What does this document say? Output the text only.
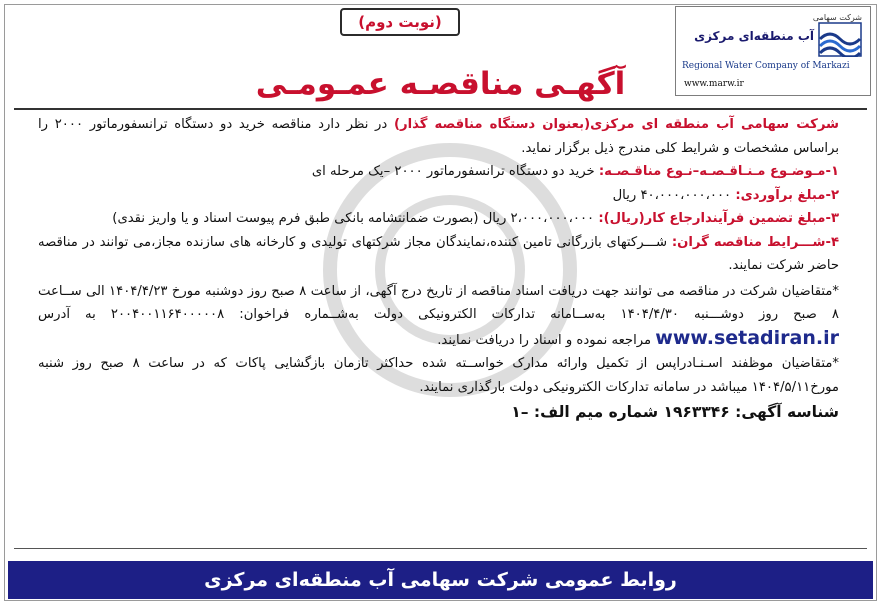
شرکت سهامی
آب منطقه‌ای مرکزی
Regional Water Company of Markazi
www.marw.ir
(نوبت دوم)
آگهـی مناقصـه عمـومـی

شرکت سهامی آب منطقه ای مرکزی(بعنوان دستگاه مناقصه گذار) در نظر دارد مناقصه خرید دو دستگاه ترانسفورماتور ۲۰۰۰ را براساس مشخصات و شرایط کلی مندرج ذیل برگزار نماید.

۱-مـوضـوع مـنـاقـصـه–نـوع مناقـصـه: خرید دو دستگاه ترانسفورماتور ۲۰۰۰ –یک مرحله ای

۲-مبلغ برآوردی: ۴۰،۰۰۰،۰۰۰،۰۰۰ ریال

۳-مبلغ تضمین فرآیندارجاع کار(ریال): ۲،۰۰۰،۰۰۰،۰۰۰ ریال (بصورت ضمانتشامه بانکی طبق فرم پیوست اسناد و یا واریز نقدی)

۴-شـــرایط مناقصه گران: شـــرکتهای بازرگانی تامین کننده،نمایندگان مجاز شرکتهای تولیدی و کارخانه های سازنده مجاز،می توانند در مناقصه حاضر شرکت نمایند.

*متقاضیان شرکت در مناقصه می توانند جهت دریافت اسناد مناقصه از تاریخ درج آگهی، از ساعت ۸ صبح روز دوشنبه مورخ ۱۴۰۴/۴/۲۳ الی ســاعت ۸ صبح روز دوشـــنبه ۱۴۰۴/۴/۳۰ به‌ســامانه تدارکات الکترونیکی دولت به‌شــماره فراخوان: ۲۰۰۴۰۰۱۱۶۴۰۰۰۰۰۸ به آدرس www.setadiran.ir مراجعه نموده و اسناد را دریافت نمایند.

*متقاضیان موظفند اسـنـادراپس از تکمیل وارائه مدارک خواســته شده حداکثر تازمان بازگشایی پاکات که در ساعت ۸ صبح روز شنبه مورخ۱۴۰۴/۵/۱۱ میباشد در سامانه تدارکات الکترونیکی دولت بارگذاری نمایند.

شناسه آگهی: ۱۹۶۳۳۴۶ شماره میم الف: –۱

روابط عمومی شرکت سهامی آب منطقه‌ای مرکزی
